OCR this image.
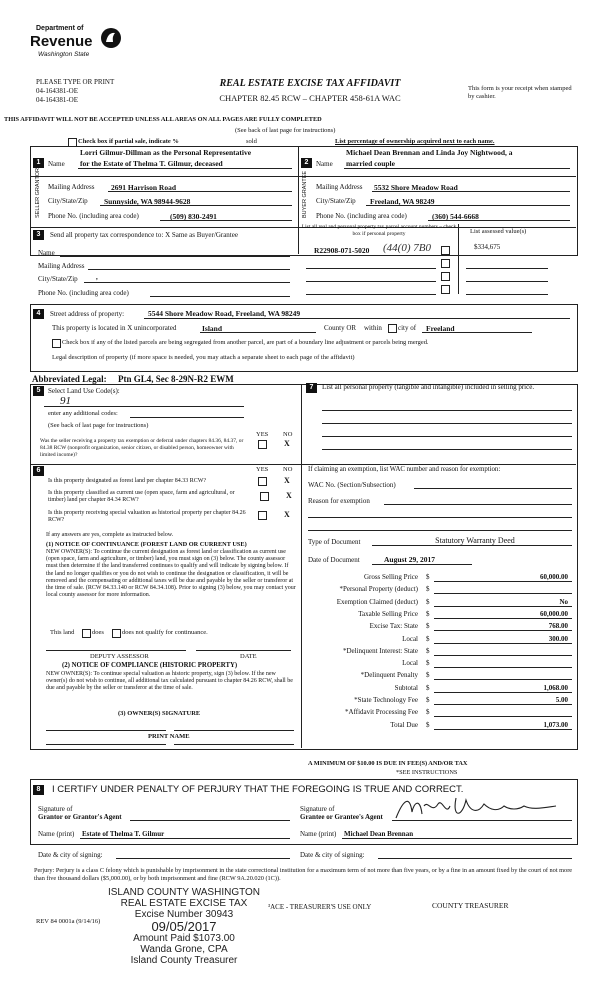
Department of
Revenue
Washington State
PLEASE TYPE OR PRINT
04-164381-OE
04-164381-OE
REAL ESTATE EXCISE TAX AFFIDAVIT
CHAPTER 82.45 RCW – CHAPTER 458-61A WAC
This form is your receipt when stamped by cashier.
THIS AFFIDAVIT WILL NOT BE ACCEPTED UNLESS ALL AREAS ON ALL PAGES ARE FULLY COMPLETED
(See back of last page for instructions)
Check box if partial sale, indicate %	sold	List percentage of ownership acquired next to each name.
1
Lorri Gilmur-Dillman as the Personal Representative
Name for the Estate of Thelma T. Gilmur, deceased
SELLER GRANTOR Mailing Address 2691 Harrison Road
City/State/Zip Sunnyside, WA 98944-9628
Phone No. (including area code)	(509) 830-2491
2
Michael Dean Brennan and Linda Joy Nightwood, a
Name married couple
BUYER GRANTEE Mailing Address 5532 Shore Meadow Road
City/State/Zip Freeland, WA 98249
Phone No. (including area code)	(360) 544-6668
3	Send all property tax correspondence to: X Same as Buyer/Grantee
Name
Mailing Address
City/State/Zip	,
Phone No. (including area code)
List all real and personal property tax parcel account numbers – check box if personal property	List assessed value(s)
R22908-071-5020 (44(0) 7B0	$334,675
4	Street address of property:	5544 Shore Meadow Road, Freeland, WA 98249
This property is located in X unincorporated	Island	County OR within city of Freeland
Check box if any of the listed parcels are being segregated from another parcel, are part of a boundary line adjustment or parcels being merged.
Legal description of property (if more space is needed, you may attach a separate sheet to each page of the affidavit)
Abbreviated Legal: Ptn GL4, Sec 8-29N-R2 EWM
5	Select Land Use Code(s):
91
enter any additional codes:
(See back of last page for instructions)
YES NO
Was the seller receiving a property tax exemption or deferral under chapters 84.36, 84.37, or 84.38 RCW (nonprofit organization, senior citizen, or disabled person, homeowner with limited income)?
X
6	YES NO
Is this property designated as forest land per chapter 84.33 RCW?	X
Is this property classified as current use (open space, farm and agricultural, or timber) land per chapter 84.34 RCW?	X
Is this property receiving special valuation as historical property per chapter 84.26 RCW?
X
If any answers are yes, complete as instructed below.
(1) NOTICE OF CONTINUANCE (FOREST LAND OR CURRENT USE)
NEW OWNER(S): To continue the current designation as forest land or classification as current use (open space, farm and agriculture, or timber) land, you must sign on (3) below. The county assessor must then determine if the land transferred continues to qualify and will indicate by signing below. If the land no longer qualifies or you do not wish to continue the designation or classification, it will be removed and the compensating or additional taxes will be due and payable by the seller or transferor at the time of sale. (RCW 84.33.140 or RCW 84.34.108). Prior to signing (3) below, you may contact your local county assessor for more information.
This land	does	does not qualify for continuance.
DEPUTY ASSESSOR	DATE
(2) NOTICE OF COMPLIANCE (HISTORIC PROPERTY)
NEW OWNER(S): To continue special valuation as historic property, sign (3) below. If the new owner(s) do not wish to continue, all additional tax calculated pursuant to chapter 84.26 RCW, shall be due and payable by the seller or transferor at the time of sale.
(3) OWNER(S) SIGNATURE
PRINT NAME
7	List all personal property (tangible and intangible) included in selling price.
If claiming an exemption, list WAC number and reason for exemption:
WAC No. (Section/Subsection)
Reason for exemption
Type of Document	Statutory Warranty Deed
Date of Document	August 29, 2017
Gross Selling Price $	60,000.00
*Personal Property (deduct) $
Exemption Claimed (deduct) $	No
Taxable Selling Price $	60,000.00
Excise Tax: State $	768.00
Local $	300.00
*Delinquent Interest: State $
Local $
*Delinquent Penalty $
Subtotal $	1,068.00
*State Technology Fee $	5.00
*Affidavit Processing Fee $
Total Due $	1,073.00
A MINIMUM OF $10.00 IS DUE IN FEE(S) AND/OR TAX
*SEE INSTRUCTIONS
8	I CERTIFY UNDER PENALTY OF PERJURY THAT THE FOREGOING IS TRUE AND CORRECT.
Signature of
Grantor or Grantor's Agent
Signature of
Grantee or Grantee's Agent
Name (print) Estate of Thelma T. Gilmur	Name (print) Michael Dean Brennan
Date & city of signing:	Date & city of signing:
Perjury: Perjury is a class C felony which is punishable by imprisonment in the state correctional institution for a maximum term of not more than five years, or by a fine in an amount fixed by the court of not more than five thousand dollars ($5,000.00), or by both imprisonment and fine (RCW 9A.20.020 (1C)).
ISLAND COUNTY WASHINGTON
REAL ESTATE EXCISE TAX
Excise Number 30943
09/05/2017
Amount Paid $1073.00
Wanda Grone, CPA
Island County Treasurer
REV 84 0001a (9/14/16)
³ACE - TREASURER'S USE ONLY	COUNTY TREASURER
